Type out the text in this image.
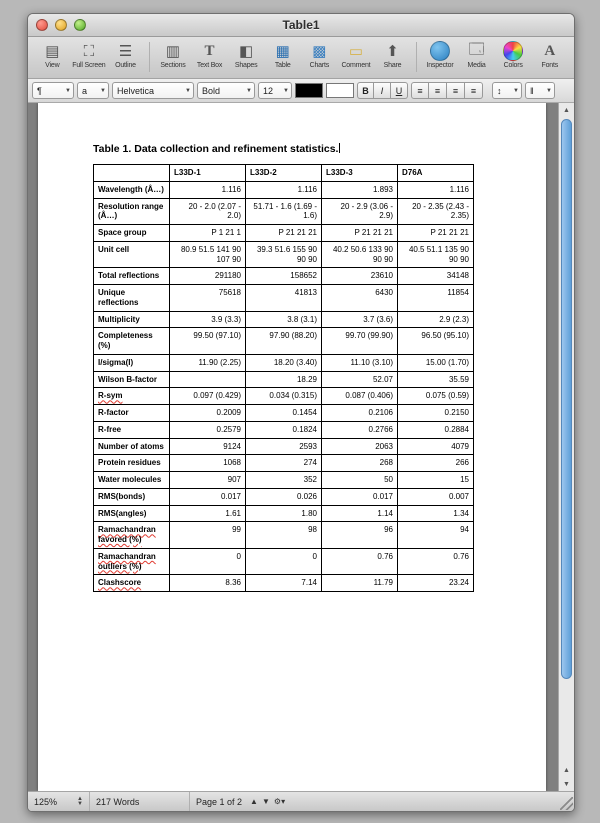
Table1
▤
View
⛶
Full Screen
☰
Outline
▥
Sections
T
Text Box
◧
Shapes
▦
Table
▩
Charts
▭
Comment
⬆
Share	Inspector
🗔
Media	Colors
A
Fonts
¶	▼ a	▼ Helvetica	▼ Bold	▼ 12	▼	B	I	U	≡	≡	≡	≡	↕	▼ ‖	▼
Table 1. Data collection and refinement statistics.
	L33D-1	L33D-2	L33D-3	D76A
Wavelength (Å…)	1.116	1.116	1.893	1.116
Resolution range (Å…)	20 - 2.0 (2.07 - 2.0)	51.71 - 1.6 (1.69 - 1.6)	20 - 2.9 (3.06 - 2.9)	20 - 2.35 (2.43 - 2.35)
Space group	P 1 21 1	P 21 21 21	P 21 21 21	P 21 21 21
Unit cell	80.9 51.5 141 90 107 90	39.3 51.6 155 90 90 90	40.2 50.6 133 90 90 90	40.5 51.1 135 90 90 90
Total reflections	291180	158652	23610	34148
Unique reflections	75618	41813	6430	11854
Multiplicity	3.9 (3.3)	3.8 (3.1)	3.7 (3.6)	2.9 (2.3)
Completeness (%)	99.50 (97.10)	97.90 (88.20)	99.70 (99.90)	96.50 (95.10)
I/sigma(I)	11.90 (2.25)	18.20 (3.40)	11.10 (3.10)	15.00 (1.70)
Wilson B-factor		18.29	52.07	35.59
R-sym	0.097 (0.429)	0.034 (0.315)	0.087 (0.406)	0.075 (0.59)
R-factor	0.2009	0.1454	0.2106	0.2150
R-free	0.2579	0.1824	0.2766	0.2884
Number of atoms	9124	2593	2063	4079
Protein residues	1068	274	268	266
Water molecules	907	352	50	15
RMS(bonds)	0.017	0.026	0.017	0.007
RMS(angles)	1.61	1.80	1.14	1.34
Ramachandran favored (%)	99	98	96	94
Ramachandran outliers (%)	0	0	0.76	0.76
Clashscore	8.36	7.14	11.79	23.24
▲
▲
▼
125%	▲
▼	217 Words	Page 1 of 2 ▲ ▼ ⚙▾
